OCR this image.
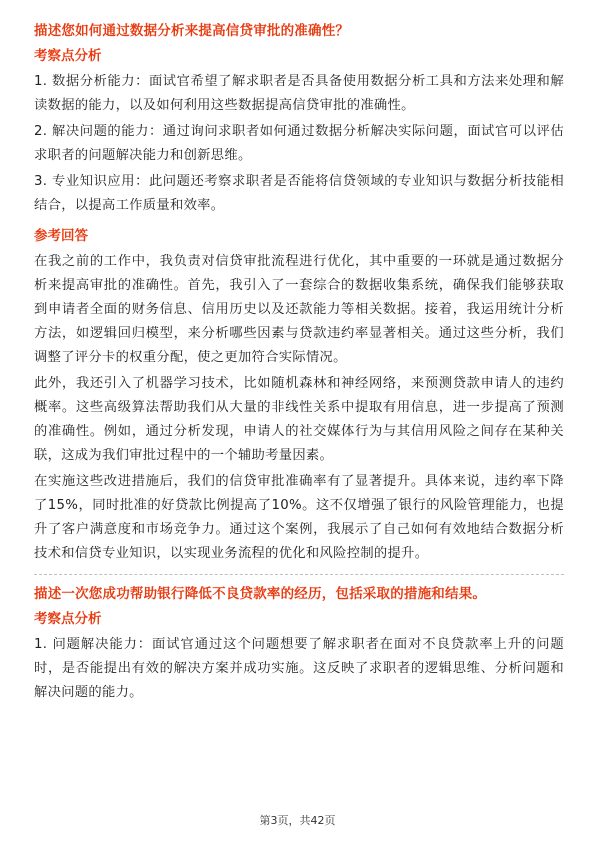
描述您如何通过数据分析来提高信贷审批的准确性？
考察点分析

1. 数据分析能力：面试官希望了解求职者是否具备使用数据分析工具和方法来处理和解读数据的能力，以及如何利用这些数据提高信贷审批的准确性。

2. 解决问题的能力：通过询问求职者如何通过数据分析解决实际问题，面试官可以评估求职者的问题解决能力和创新思维。

3. 专业知识应用：此问题还考察求职者是否能将信贷领域的专业知识与数据分析技能相结合，以提高工作质量和效率。

参考回答

在我之前的工作中，我负责对信贷审批流程进行优化，其中重要的一环就是通过数据分析来提高审批的准确性。首先，我引入了一套综合的数据收集系统，确保我们能够获取到申请者全面的财务信息、信用历史以及还款能力等相关数据。接着，我运用统计分析方法，如逻辑回归模型，来分析哪些因素与贷款违约率显著相关。通过这些分析，我们调整了评分卡的权重分配，使之更加符合实际情况。

此外，我还引入了机器学习技术，比如随机森林和神经网络，来预测贷款申请人的违约概率。这些高级算法帮助我们从大量的非线性关系中提取有用信息，进一步提高了预测的准确性。例如，通过分析发现，申请人的社交媒体行为与其信用风险之间存在某种关联，这成为我们审批过程中的一个辅助考量因素。

在实施这些改进措施后，我们的信贷审批准确率有了显著提升。具体来说，违约率下降了15%，同时批准的好贷款比例提高了10%。这不仅增强了银行的风险管理能力，也提升了客户满意度和市场竞争力。通过这个案例，我展示了自己如何有效地结合数据分析技术和信贷专业知识，以实现业务流程的优化和风险控制的提升。

描述一次您成功帮助银行降低不良贷款率的经历，包括采取的措施和结果。
考察点分析

1. 问题解决能力：面试官通过这个问题想要了解求职者在面对不良贷款率上升的问题时，是否能提出有效的解决方案并成功实施。这反映了求职者的逻辑思维、分析问题和解决问题的能力。

第3页，共42页
